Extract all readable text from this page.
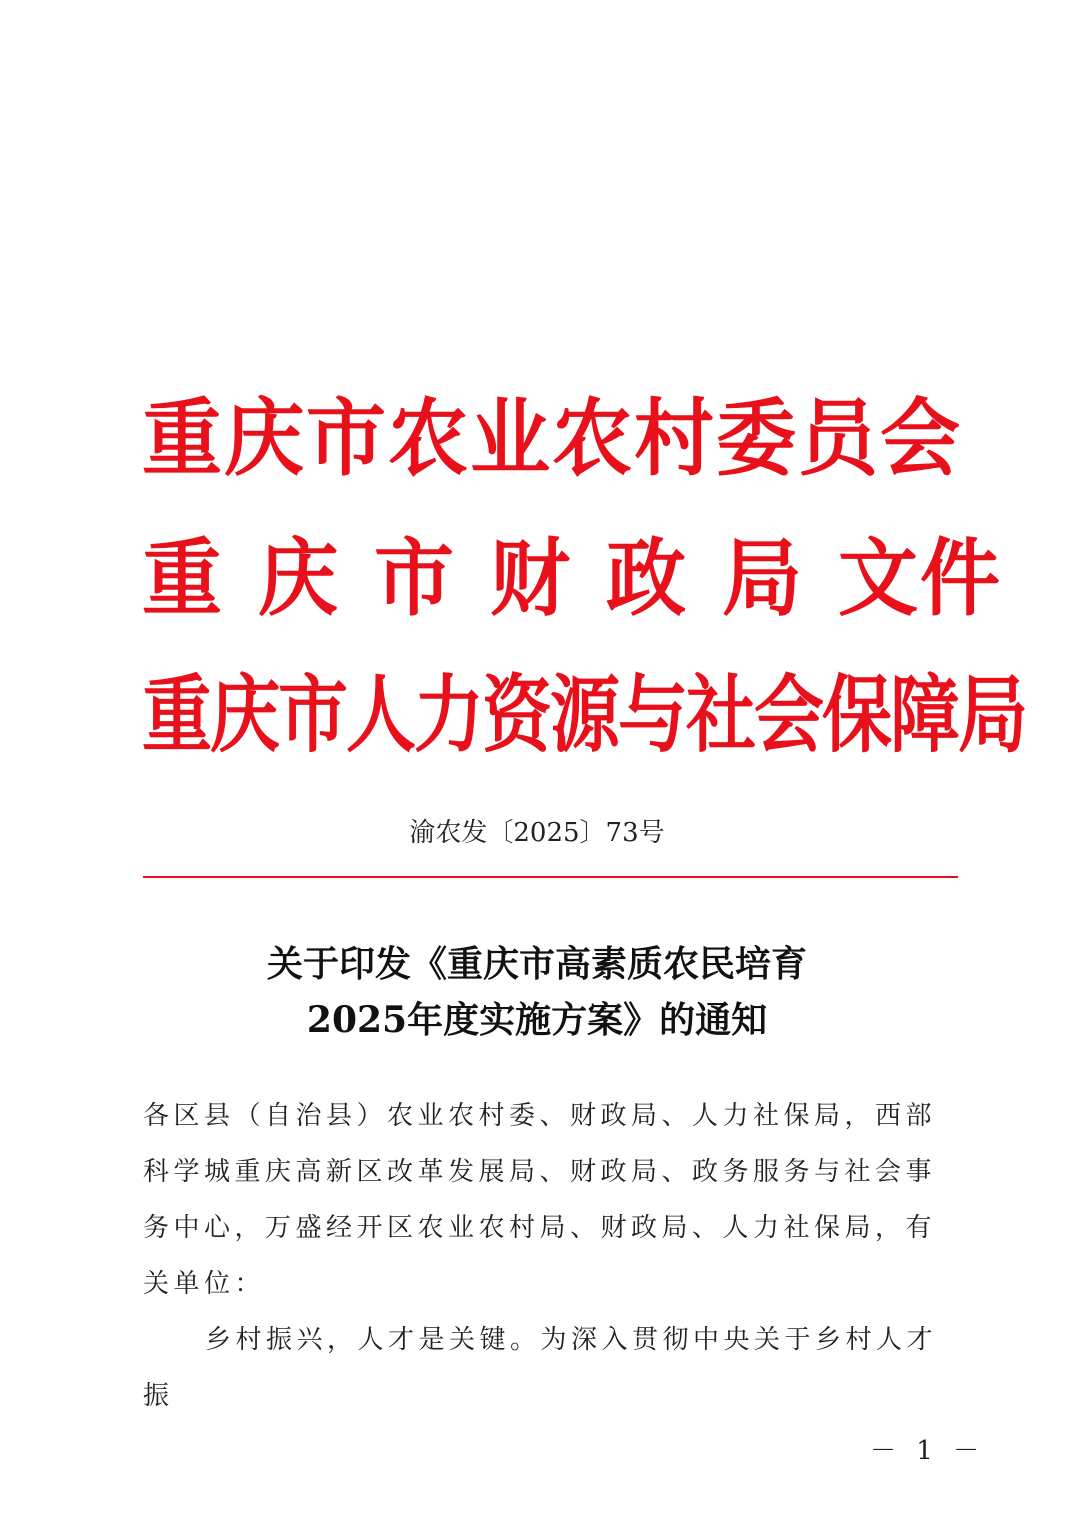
重庆市农业农村委员会
重庆市财政局文件
重庆市人力资源与社会保障局
渝农发〔2025〕73号
关于印发《重庆市高素质农民培育
2025年度实施方案》的通知

各区县（自治县）农业农村委、财政局、人力社保局，西部科学城重庆高新区改革发展局、财政局、政务服务与社会事务中心，万盛经开区农业农村局、财政局、人力社保局，有关单位：

乡村振兴，人才是关键。为深入贯彻中央关于乡村人才振

－ 1 －
